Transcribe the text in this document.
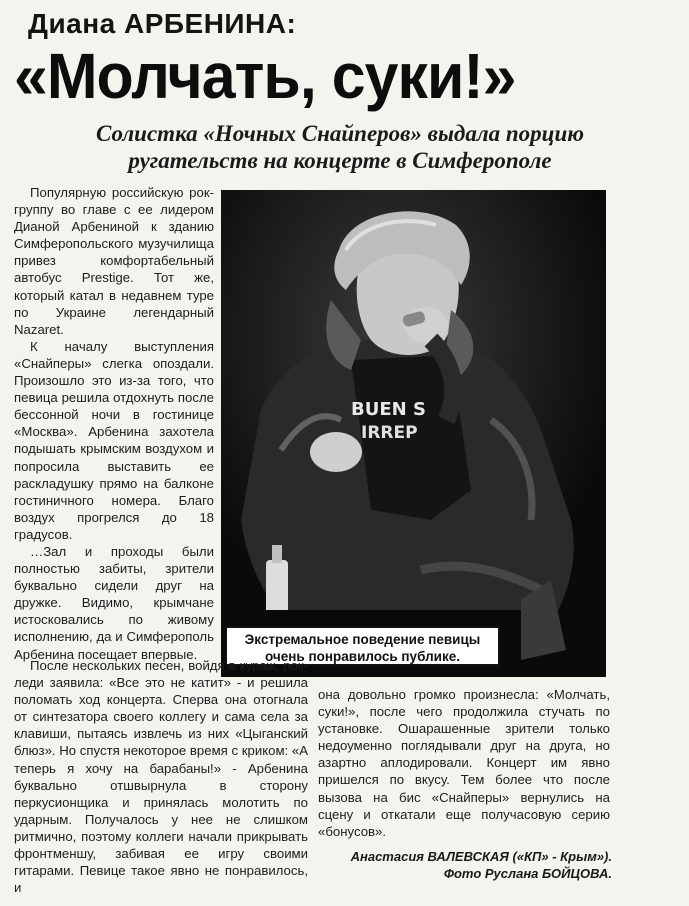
Диана АРБЕНИНА:
«Молчать, суки!»
Солистка «Ночных Снайперов» выдала порцию ругательств на концерте в Симферополе

Популярную российскую рок-группу во главе с ее лидером Дианой Арбениной к зданию Симферопольского музучилища привез комфортабельный автобус Prestige. Тот же, который катал в недавнем туре по Украине легендарный Nazaret.

К началу выступления «Снайперы» слегка опоздали. Произошло это из-за того, что певица решила отдохнуть после бессонной ночи в гостинице «Москва». Арбенина захотела подышать крымским воздухом и попросила выставить ее раскладушку прямо на балконе гостиничного номера. Благо воздух прогрелся до 18 градусов.

…Зал и проходы были полностью забиты, зрители буквально сидели друг на дружке. Видимо, крымчане истосковались по живому исполнению, да и Симферополь Арбенина посещает впервые.

BUEN S
IRREP
Экстремальное поведение певицы очень понравилось публике.

После нескольких песен, войдя в кураж, рок-леди заявила: «Все это не катит» - и решила поломать ход концерта. Сперва она отогнала от синтезатора своего коллегу и сама села за клавиши, пытаясь извлечь из них «Цыганский блюз». Но спустя некоторое время с криком: «А теперь я хочу на барабаны!» - Арбенина буквально отшвырнула в сторону перкусионщика и принялась молотить по ударным. Получалось у нее не слишком ритмично, поэтому коллеги начали прикрывать фронтменшу, забивая ее игру своими гитарами. Певице такое явно не понравилось, и

она довольно громко произнесла: «Молчать, суки!», после чего продолжила стучать по установке. Ошарашенные зрители только недоуменно поглядывали друг на друга, но азартно аплодировали. Концерт им явно пришелся по вкусу. Тем более что после вызова на бис «Снайперы» вернулись на сцену и откатали еще получасовую серию «бонусов».

Анастасия ВАЛЕВСКАЯ («КП» - Крым»).
Фото Руслана БОЙЦОВА.
